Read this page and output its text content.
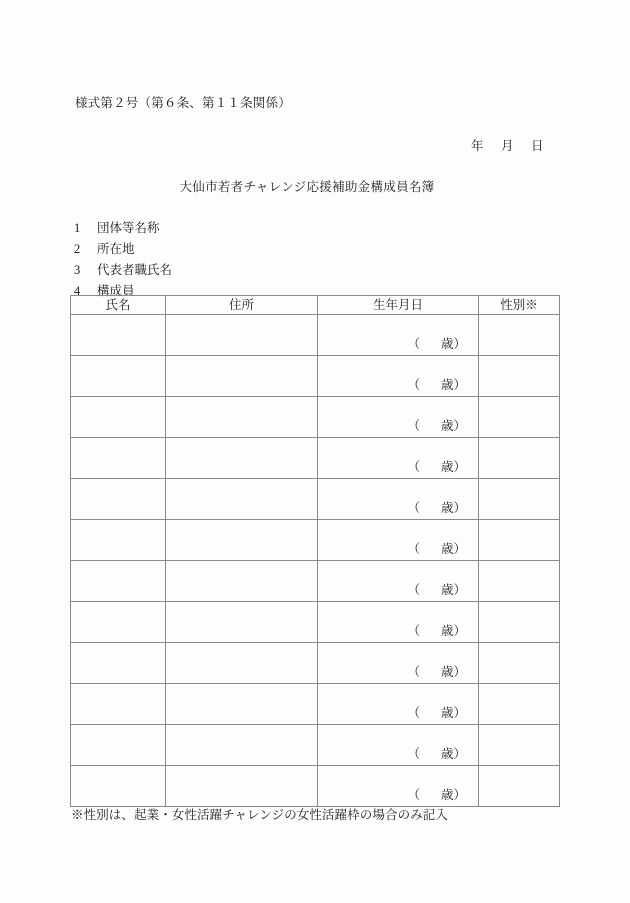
様式第２号（第６条、第１１条関係）
年 月 日
大仙市若者チャレンジ応援補助金構成員名簿
1	団体等名称
2	所在地
3	代表者職氏名
4	構成員
氏名	住所	生年月日	性別※

		（ 歳）	

		（ 歳）	

		（ 歳）	

		（ 歳）	

		（ 歳）	

		（ 歳）	

		（ 歳）	

		（ 歳）	

		（ 歳）	

		（ 歳）	

		（ 歳）	

		（ 歳）	

※性別は、起業・女性活躍チャレンジの女性活躍枠の場合のみ記入
